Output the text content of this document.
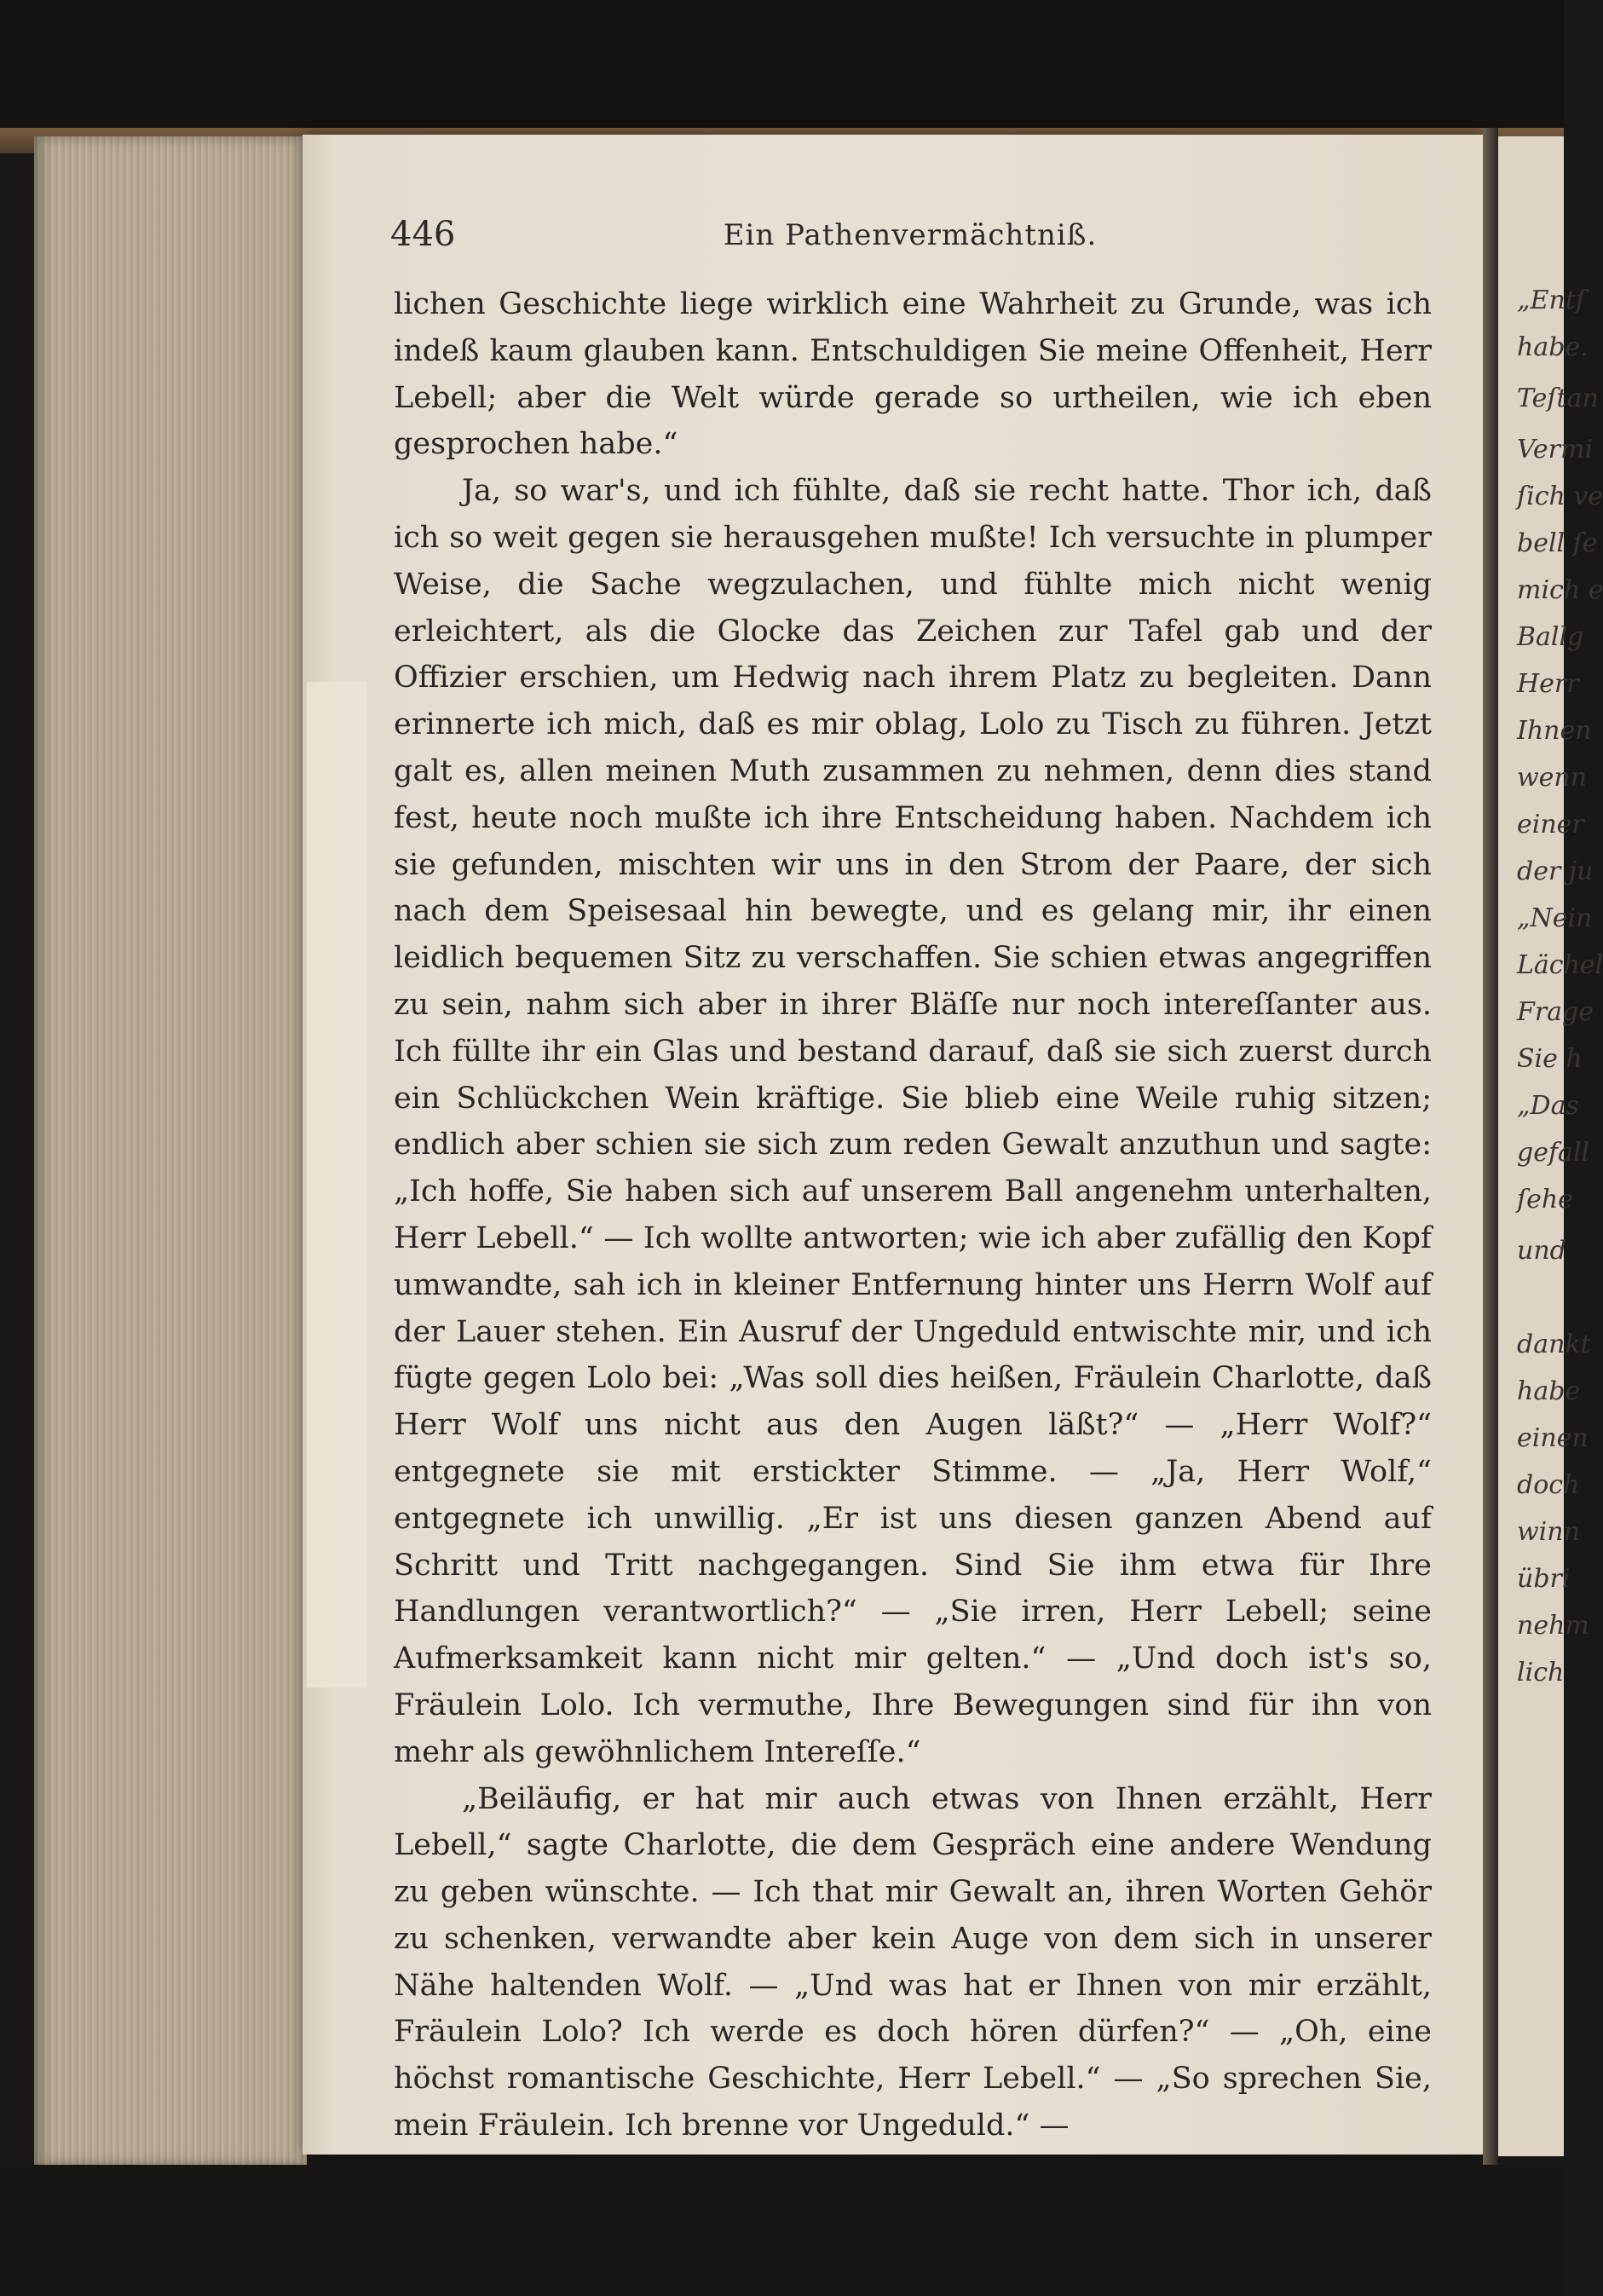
„Entſ
habe.
Teſtan
Vermi
ſich ve
bell ſe
mich e
Ballg
Herr
Ihnen
wenn
einer
der ju
„Nein
Lächel
Frage
Sie h
„Das
gefall
ſehe
und
dankt
habe
einen
doch
winn
übri
nehm
lich
446	Ein Pathenvermächtniß.

lichen Geschichte liege wirklich eine Wahrheit zu Grunde, was ich indeß kaum glauben kann. Entschuldigen Sie meine Offenheit, Herr Lebell; aber die Welt würde gerade so urtheilen, wie ich eben gesprochen habe.“

Ja, so war's, und ich fühlte, daß sie recht hatte. Thor ich, daß ich so weit gegen sie herausgehen mußte! Ich versuchte in plumper Weise, die Sache wegzulachen, und fühlte mich nicht wenig erleichtert, als die Glocke das Zeichen zur Tafel gab und der Offizier erschien, um Hedwig nach ihrem Platz zu begleiten. Dann erinnerte ich mich, daß es mir oblag, Lolo zu Tisch zu führen. Jetzt galt es, allen meinen Muth zusammen zu nehmen, denn dies stand fest, heute noch mußte ich ihre Entscheidung haben. Nachdem ich sie gefunden, mischten wir uns in den Strom der Paare, der sich nach dem Speisesaal hin bewegte, und es gelang mir, ihr einen leidlich bequemen Sitz zu verschaffen. Sie schien etwas angegriffen zu sein, nahm sich aber in ihrer Bläſſe nur noch intereſſanter aus. Ich füllte ihr ein Glas und bestand darauf, daß sie sich zuerst durch ein Schlückchen Wein kräftige. Sie blieb eine Weile ruhig sitzen; endlich aber schien sie sich zum reden Gewalt anzuthun und sagte: „Ich hoffe, Sie haben sich auf unserem Ball angenehm unterhalten, Herr Lebell.“ — Ich wollte antworten; wie ich aber zufällig den Kopf umwandte, sah ich in kleiner Entfernung hinter uns Herrn Wolf auf der Lauer stehen. Ein Ausruf der Ungeduld entwischte mir, und ich fügte gegen Lolo bei: „Was soll dies heißen, Fräulein Charlotte, daß Herr Wolf uns nicht aus den Augen läßt?“ — „Herr Wolf?“ entgegnete sie mit erstickter Stimme. — „Ja, Herr Wolf,“ entgegnete ich unwillig. „Er ist uns diesen ganzen Abend auf Schritt und Tritt nachgegangen. Sind Sie ihm etwa für Ihre Handlungen verantwortlich?“ — „Sie irren, Herr Lebell; seine Aufmerksamkeit kann nicht mir gelten.“ — „Und doch ist's so, Fräulein Lolo. Ich vermuthe, Ihre Bewegungen sind für ihn von mehr als gewöhnlichem Intereſſe.“

„Beiläufig, er hat mir auch etwas von Ihnen erzählt, Herr Lebell,“ sagte Charlotte, die dem Gespräch eine andere Wendung zu geben wünschte. — Ich that mir Gewalt an, ihren Worten Gehör zu schenken, verwandte aber kein Auge von dem sich in unserer Nähe haltenden Wolf. — „Und was hat er Ihnen von mir erzählt, Fräulein Lolo? Ich werde es doch hören dürfen?“ — „Oh, eine höchst romantische Geschichte, Herr Lebell.“ — „So sprechen Sie, mein Fräulein. Ich brenne vor Ungeduld.“ —
